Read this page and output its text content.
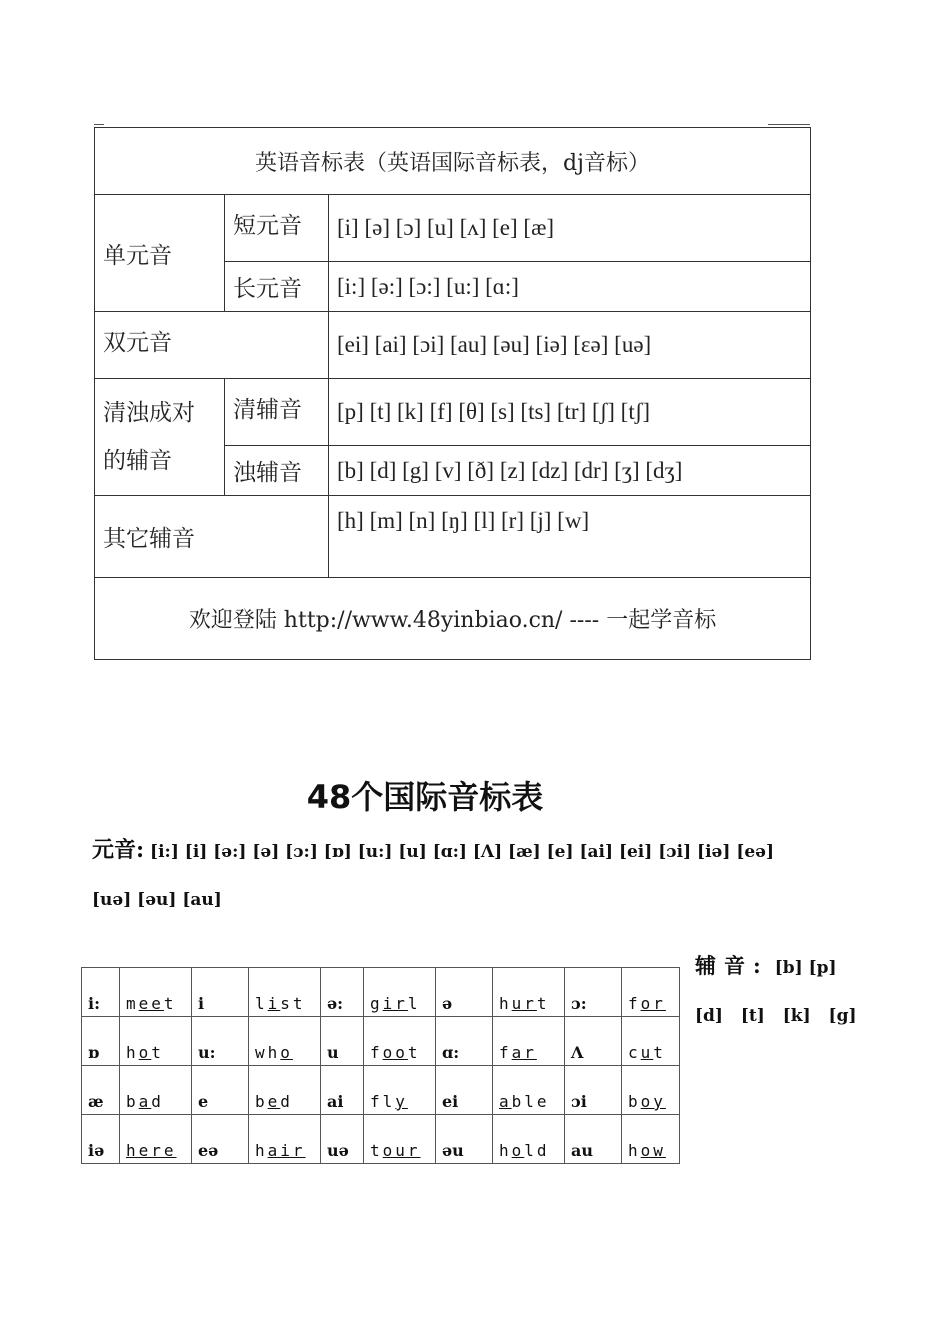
英语音标表（英语国际音标表，dj音标）		
单元音	短元音	[i] [ə] [ɔ] [u] [ʌ] [e] [æ]
	长元音	[i:] [ə:] [ɔ:] [u:] [ɑ:]
双元音		[ei] [ai] [ɔi] [au] [əu] [iə] [εə] [uə]

清浊成对
的辅音	清辅音	[p] [t] [k] [f] [θ] [s] [ts] [tr] [ʃ] [tʃ]
	浊辅音	[b] [d] [g] [v] [ð] [z] [dz] [dr] [ʒ] [dʒ]
其它辅音		[h] [m] [n] [ŋ] [l] [r] [j] [w]
欢迎登陆 http://www.48yinbiao.cn/ ---- 一起学音标		
48个国际音标表
元音: [i:] [i] [ə:] [ə] [ɔ:] [ɒ] [u:] [u] [ɑ:] [Λ] [æ] [e] [ai] [ei] [ɔi] [iə] [eə]
[uə] [əu] [au]
辅音: [b] [p]
[d] [t] [k] [g]
i:	meet	i	list	ə:	girl	ə	hurt	ɔ:	for
ɒ	hot	u:	who	u	foot	ɑ:	far	Λ	cut
æ	bad	e	bed	ai	fly	ei	able	ɔi	boy
iə	here	eə	hair	uə	tour	əu	hold	au	how
